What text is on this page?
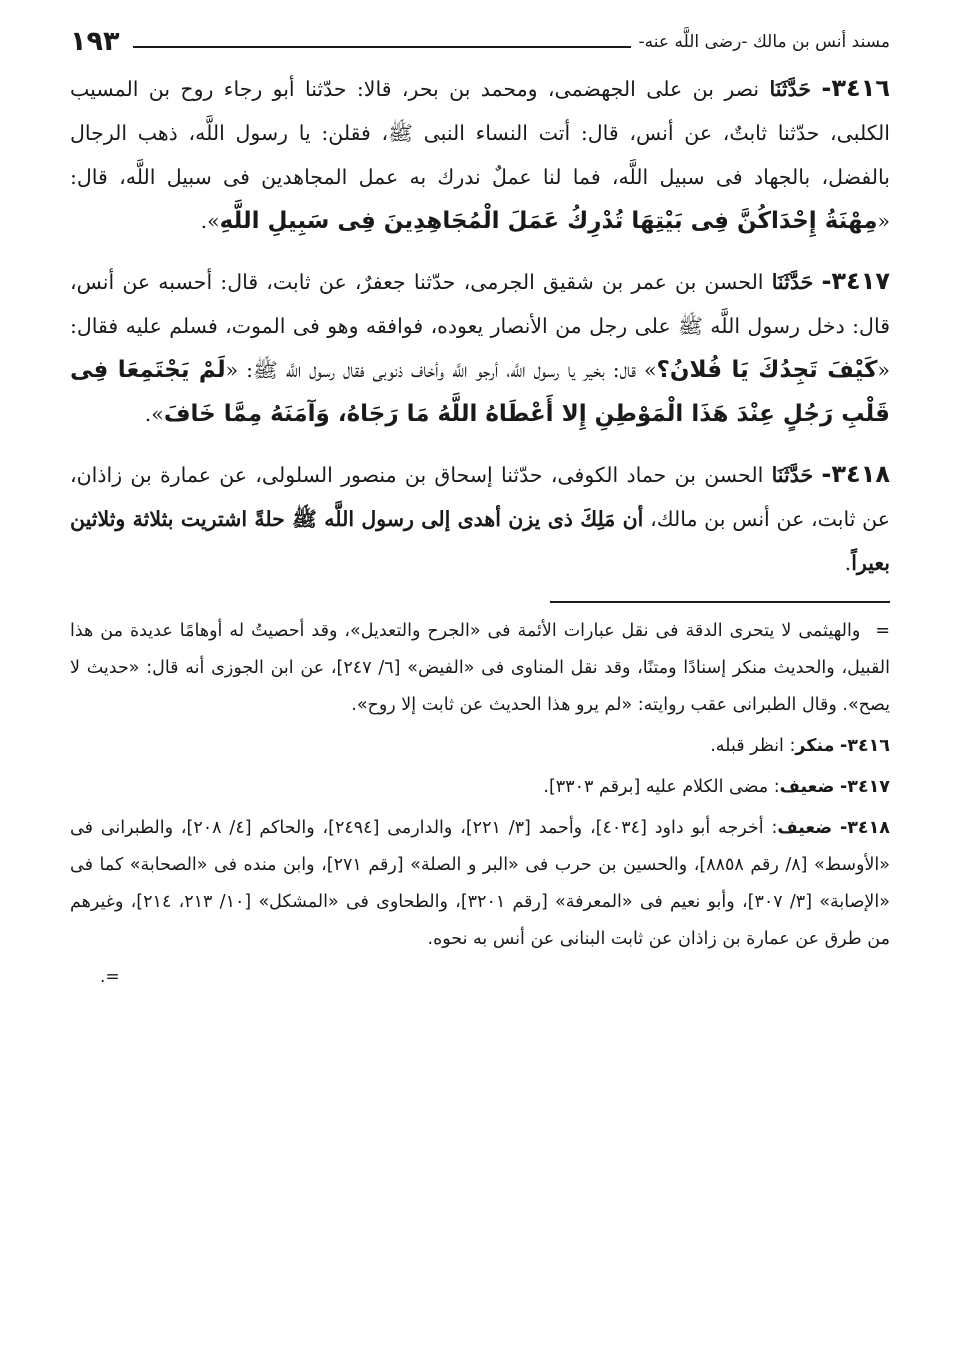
مسند أنس بن مالك -رضى اللَّه عنه-
١٩٣

٣٤١٦- حَدَّثَنَا نصر بن على الجهضمى، ومحمد بن بحر، قالا: حدّثنا أبو رجاء روح بن المسيب الكلبى، حدّثنا ثابتٌ، عن أنس، قال: أتت النساء النبى ﷺ، فقلن: يا رسول اللَّه، ذهب الرجال بالفضل، بالجهاد فى سبيل اللَّه، فما لنا عملٌ ندرك به عمل المجاهدين فى سبيل اللَّه، قال: «مِهْنَةُ إِحْدَاكُنَّ فِى بَيْتِهَا تُدْرِكُ عَمَلَ الْمُجَاهِدِينَ فِى سَبِيلِ اللَّهِ».

٣٤١٧- حَدَّثَنَا الحسن بن عمر بن شقيق الجرمى، حدّثنا جعفرٌ، عن ثابت، قال: أحسبه عن أنس، قال: دخل رسول اللَّه ﷺ على رجل من الأنصار يعوده، فوافقه وهو فى الموت، فسلم عليه فقال: «كَيْفَ تَجِدُكَ يَا فُلانُ؟» قال: بخير يا رسول اللَّه، أرجو اللَّه وأخاف ذنوبى فقال رسول اللَّه ﷺ: «لَمْ يَجْتَمِعَا فِى قَلْبِ رَجُلٍ عِنْدَ هَذَا الْمَوْطِنِ إِلا أَعْطَاهُ اللَّهُ مَا رَجَاهُ، وَآمَنَهُ مِمَّا خَافَ».

٣٤١٨- حَدَّثَنَا الحسن بن حماد الكوفى، حدّثنا إسحاق بن منصور السلولى، عن عمارة بن زاذان، عن ثابت، عن أنس بن مالك، أن مَلِكَ ذى يزن أهدى إلى رسول اللَّه ﷺ حلةً اشتريت بثلاثة وثلاثين بعيراً.

= والهيثمى لا يتحرى الدقة فى نقل عبارات الأئمة فى «الجرح والتعديل»، وقد أحصيتُ له أوهامًا عديدة من هذا القبيل، والحديث منكر إسنادًا ومتنًا، وقد نقل المناوى فى «الفيض» [٦/ ٢٤٧]، عن ابن الجوزى أنه قال: «حديث لا يصح». وقال الطبرانى عقب روايته: «لم يرو هذا الحديث عن ثابت إلا روح».

٣٤١٦- منكر: انظر قبله.

٣٤١٧- ضعيف: مضى الكلام عليه [برقم ٣٣٠٣].

٣٤١٨- ضعيف: أخرجه أبو داود [٤٠٣٤]، وأحمد [٣/ ٢٢١]، والدارمى [٢٤٩٤]، والحاكم [٤/ ٢٠٨]، والطبرانى فى «الأوسط» [٨/ رقم ٨٨٥٨]، والحسين بن حرب فى «البر و الصلة» [رقم ٢٧١]، وابن منده فى «الصحابة» كما فى «الإصابة» [٣/ ٣٠٧]، وأبو نعيم فى «المعرفة» [رقم ٣٢٠١]، والطحاوى فى «المشكل» [١٠/ ٢١٣، ٢١٤]، وغيرهم من طرق عن عمارة بن زاذان عن ثابت البنانى عن أنس به نحوه.

=.
